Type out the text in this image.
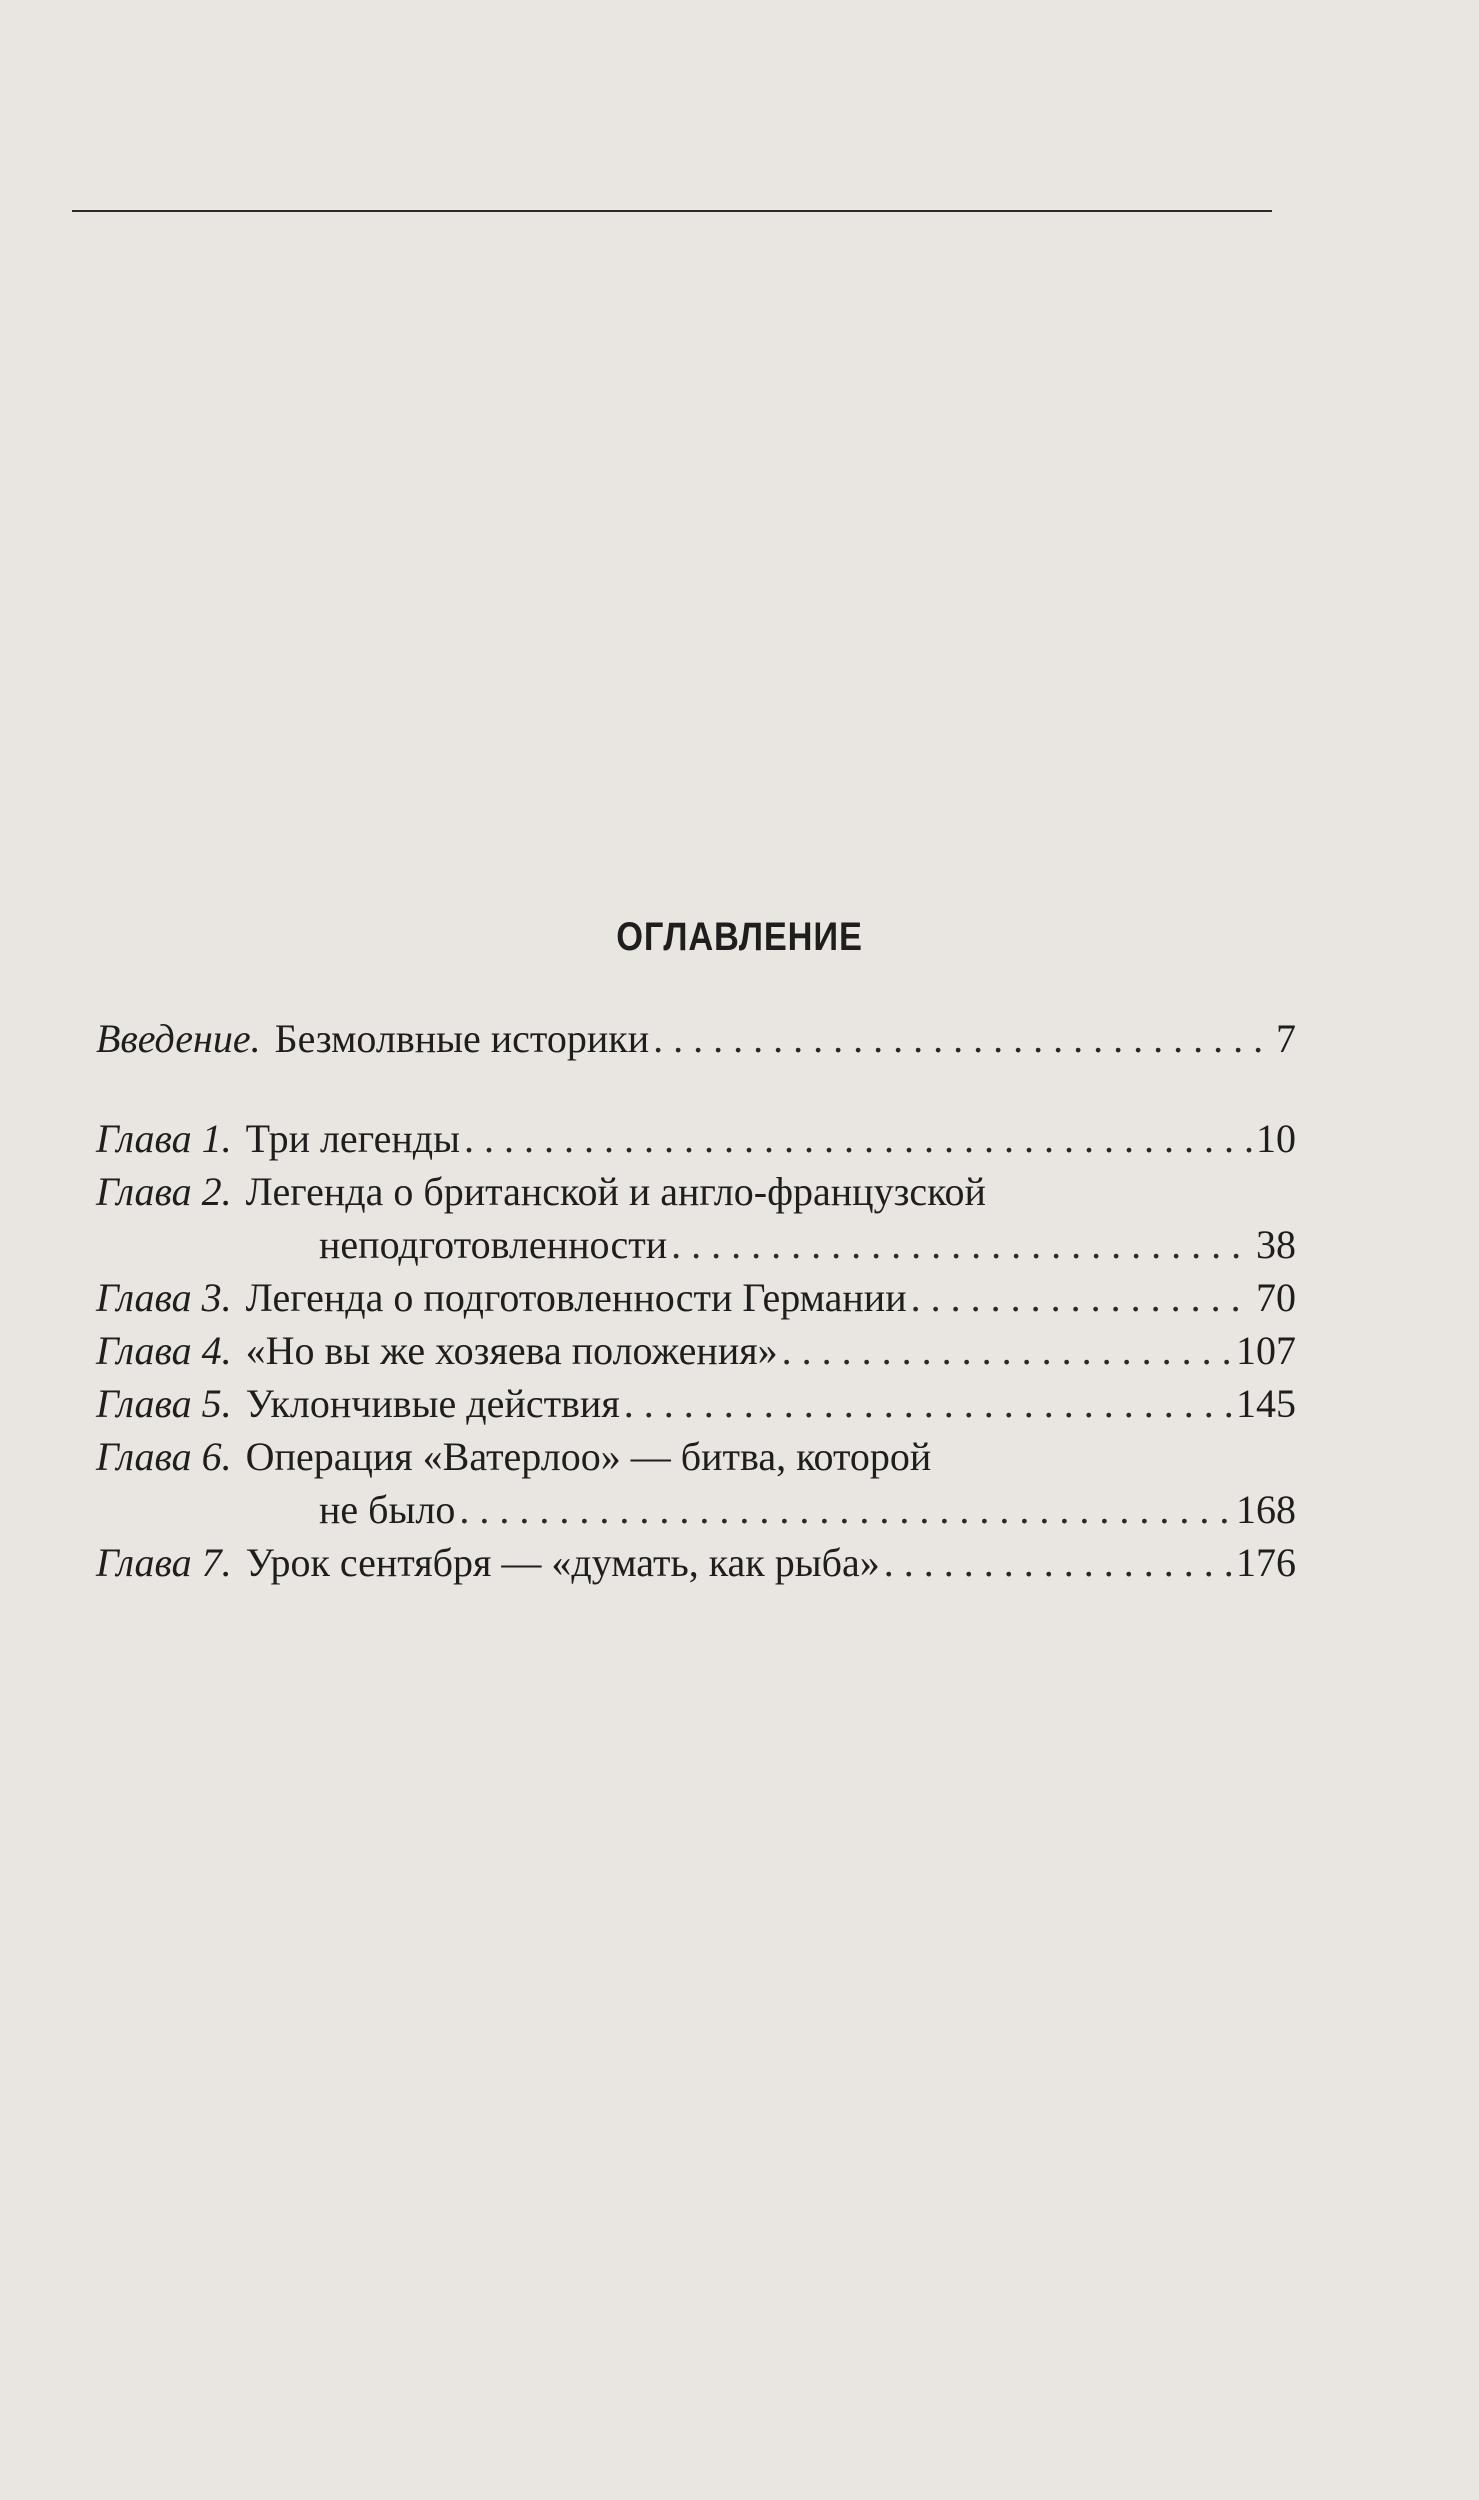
ОГЛАВЛЕНИЕ
Введение. Безмолвные историки . . .	7
Глава 1. Три легенды . . .	10
Глава 2. Легенда о британской и англо-французской
неподготовленности . . .	38
Глава 3. Легенда о подготовленности Германии . . .	70
Глава 4. «Но вы же хозяева положения» . . .	107
Глава 5. Уклончивые действия . . .	145
Глава 6. Операция «Ватерлоо» — битва, которой
не было . . .	168
Глава 7. Урок сентября — «думать, как рыба» . . .	176
